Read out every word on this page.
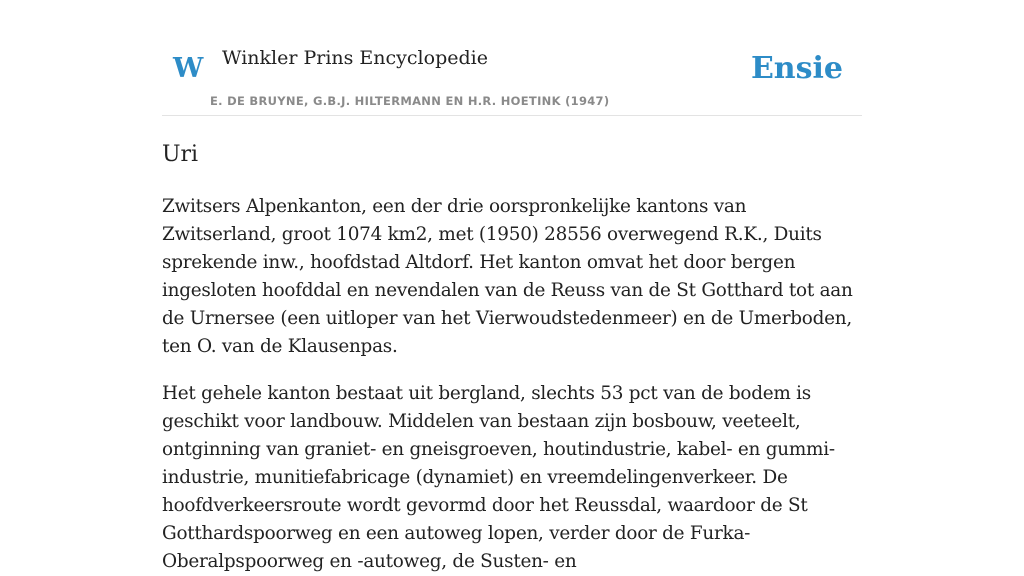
W Winkler Prins Encyclopedie
E. DE BRUYNE, G.B.J. HILTERMANN EN H.R. HOETINK (1947)
Ensie
Uri

Zwitsers Alpenkanton, een der drie oorspronkelijke kantons van Zwitserland, groot 1074 km2, met (1950) 28556 overwegend R.K., Duits sprekende inw., hoofdstad Altdorf. Het kanton omvat het door bergen ingesloten hoofddal en nevendalen van de Reuss van de St Gotthard tot aan de Urnersee (een uitloper van het Vierwoudstedenmeer) en de Umerboden, ten O. van de Klausenpas.

Het gehele kanton bestaat uit bergland, slechts 53 pct van de bodem is geschikt voor landbouw. Middelen van bestaan zijn bosbouw, veeteelt, ontginning van graniet- en gneisgroeven, houtindustrie, kabel- en gummi-industrie, munitiefabricage (dynamiet) en vreemdelingenverkeer. De hoofdverkeersroute wordt gevormd door het Reussdal, waardoor de St Gotthardspoorweg en een autoweg lopen, verder door de Furka-Oberalpspoorweg en -autoweg, de Susten- en
